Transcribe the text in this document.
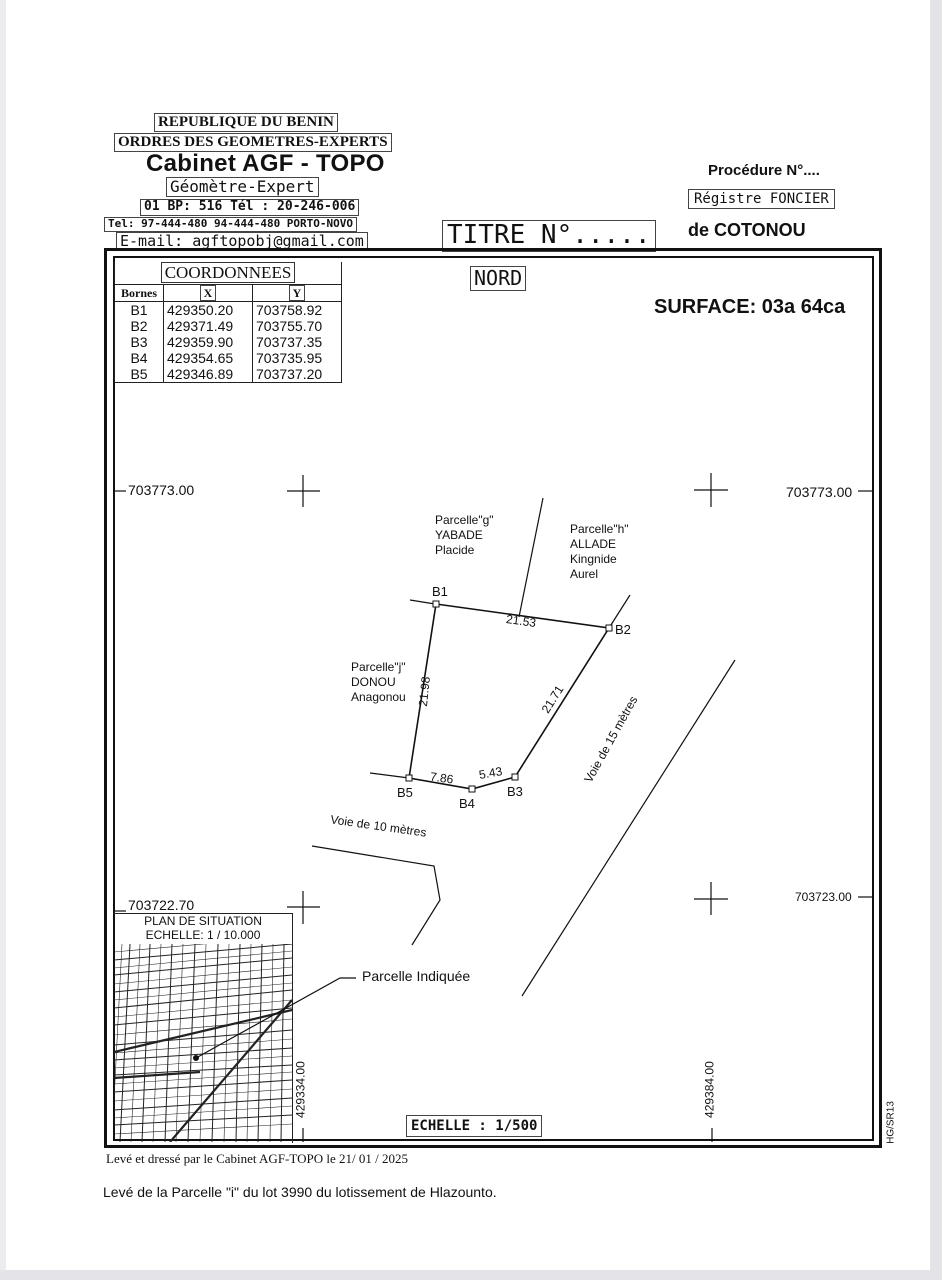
REPUBLIQUE DU BENIN
ORDRES DES GEOMETRES-EXPERTS
Cabinet AGF - TOPO
Géomètre-Expert
01 BP: 516 Tél : 20-246-006
Tel: 97-444-480 94-444-480 PORTO-NOVO
E-mail: agftopobj@gmail.com	TITRE N°.....
Procédure N°....
Régistre FONCIER
de COTONOU
COORDONNEES		
Bornes	X	Y
B1	429350.20	703758.92
B2	429371.49	703755.70
B3	429359.90	703737.35
B4	429354.65	703735.95
B5	429346.89	703737.20
NORD
SURFACE: 03a 64ca
PLAN DE SITUATION
ECHELLE: 1 / 10.000
703773.00	703773.00
703722.70	703723.00
429334.00	429384.00
Parcelle"g"
YABADE
Placide
Parcelle"h"
ALLADE
Kingnide
Aurel
Parcelle"j"
DONOU
Anagonou
B1
B2
B3
B4
B5
21.53
21.71
5.43
7.86
21.98
Voie de 15 mètres
Voie de 10 mètres
Parcelle Indiquée
ECHELLE : 1/500	HG/SR13
Levé et dressé par le Cabinet AGF-TOPO le 21/ 01 / 2025
Levé de la Parcelle "i" du lot 3990 du lotissement de Hlazounto.
